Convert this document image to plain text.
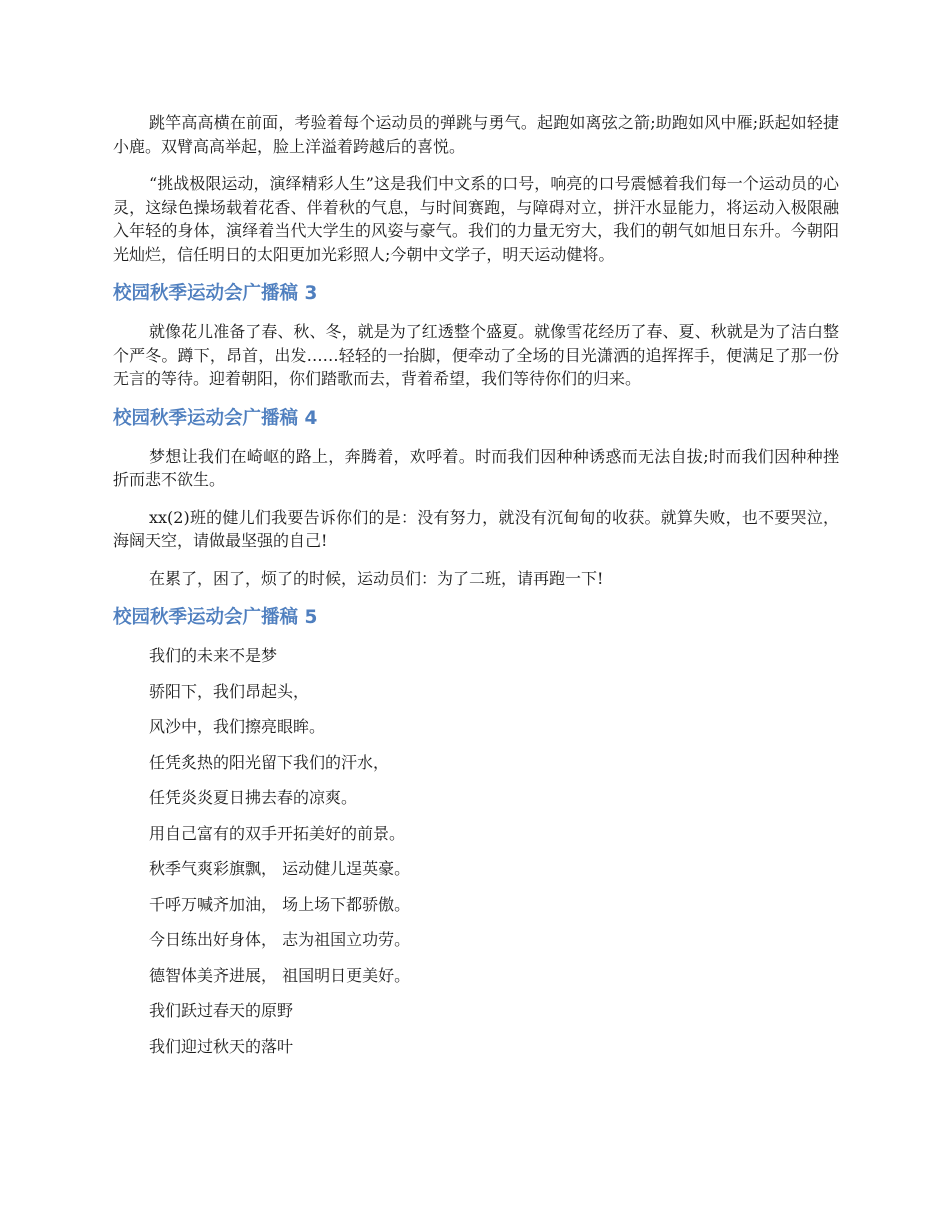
跳竿高高横在前面，考验着每个运动员的弹跳与勇气。起跑如离弦之箭;助跑如风中雁;跃起如轻捷小鹿。双臂高高举起，脸上洋溢着跨越后的喜悦。

“挑战极限运动，演绎精彩人生”这是我们中文系的口号，响亮的口号震憾着我们每一个运动员的心灵，这绿色操场载着花香、伴着秋的气息，与时间赛跑，与障碍对立，拼汗水显能力，将运动入极限融入年轻的身体，演绎着当代大学生的风姿与豪气。我们的力量无穷大，我们的朝气如旭日东升。今朝阳光灿烂，信任明日的太阳更加光彩照人;今朝中文学子，明天运动健将。

校园秋季运动会广播稿 3

就像花儿准备了春、秋、冬，就是为了红透整个盛夏。就像雪花经历了春、夏、秋就是为了洁白整个严冬。蹲下，昂首，出发……轻轻的一抬脚，便牵动了全场的目光潇洒的追挥挥手，便满足了那一份无言的等待。迎着朝阳，你们踏歌而去，背着希望，我们等待你们的归来。

校园秋季运动会广播稿 4

梦想让我们在崎岖的路上，奔腾着，欢呼着。时而我们因种种诱惑而无法自拔;时而我们因种种挫折而悲不欲生。

xx(2)班的健儿们我要告诉你们的是：没有努力，就没有沉甸甸的收获。就算失败，也不要哭泣，海阔天空，请做最坚强的自己!

在累了，困了，烦了的时候，运动员们：为了二班，请再跑一下!

校园秋季运动会广播稿 5

我们的未来不是梦

骄阳下，我们昂起头，

风沙中，我们擦亮眼眸。

任凭炙热的阳光留下我们的汗水，

任凭炎炎夏日拂去春的凉爽。

用自己富有的双手开拓美好的前景。

秋季气爽彩旗飘， 运动健儿逞英豪。

千呼万喊齐加油， 场上场下都骄傲。

今日练出好身体， 志为祖国立功劳。

德智体美齐进展， 祖国明日更美好。

我们跃过春天的原野

我们迎过秋天的落叶
